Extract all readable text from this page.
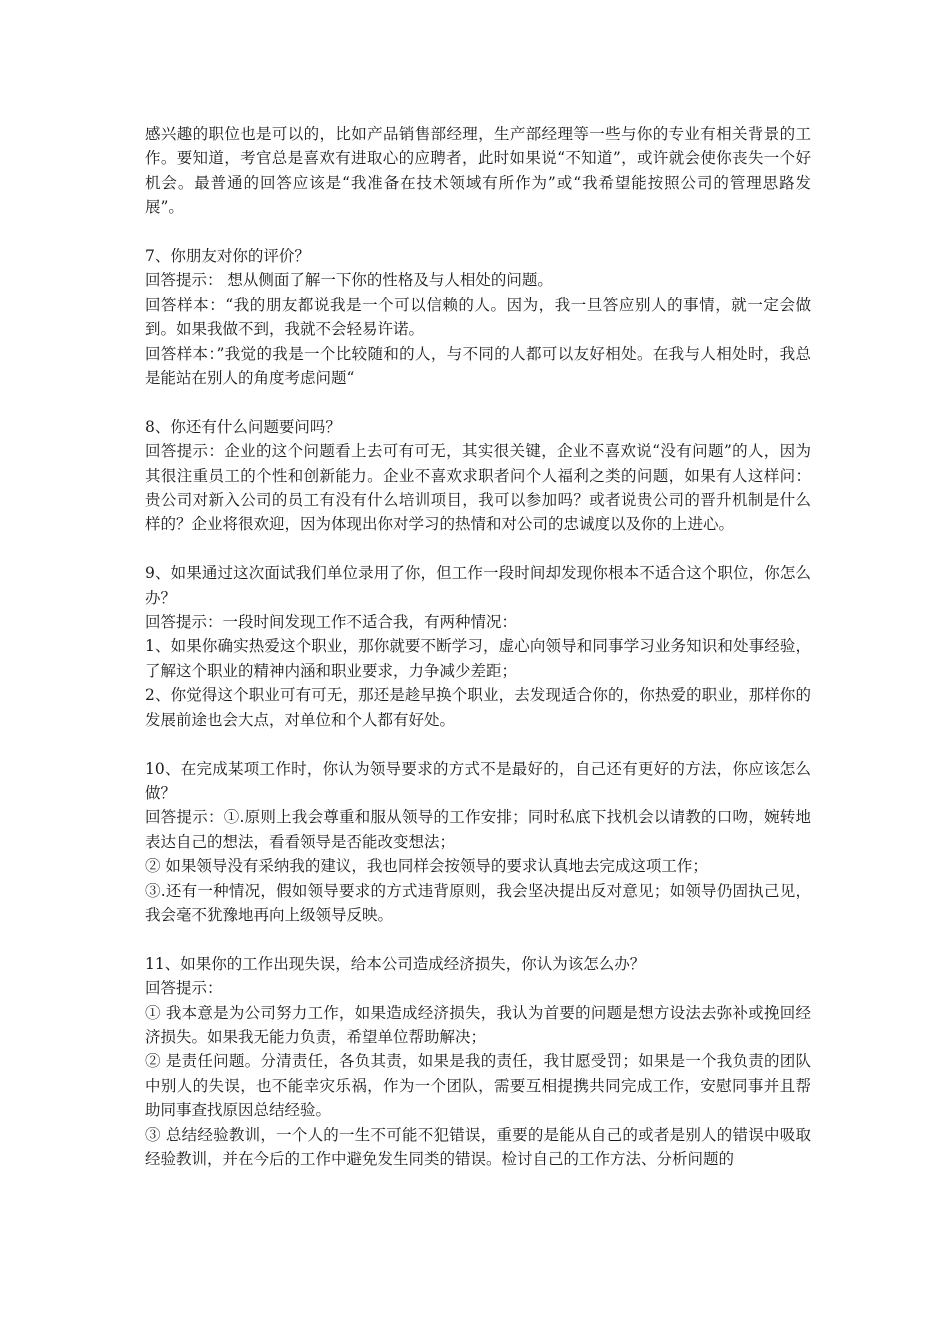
感兴趣的职位也是可以的，比如产品销售部经理，生产部经理等一些与你的专业有相关背景的工作。要知道，考官总是喜欢有进取心的应聘者，此时如果说“不知道”，或许就会使你丧失一个好机会。最普通的回答应该是“我准备在技术领域有所作为”或“我希望能按照公司的管理思路发展”。

7、你朋友对你的评价？

回答提示： 想从侧面了解一下你的性格及与人相处的问题。

回答样本：“我的朋友都说我是一个可以信赖的人。因为，我一旦答应别人的事情，就一定会做到。如果我做不到，我就不会轻易许诺。

回答样本：”我觉的我是一个比较随和的人，与不同的人都可以友好相处。在我与人相处时，我总是能站在别人的角度考虑问题“

8、你还有什么问题要问吗？

回答提示：企业的这个问题看上去可有可无，其实很关键，企业不喜欢说“没有问题”的人，因为其很注重员工的个性和创新能力。企业不喜欢求职者问个人福利之类的问题，如果有人这样问：贵公司对新入公司的员工有没有什么培训项目，我可以参加吗？或者说贵公司的晋升机制是什么样的？企业将很欢迎，因为体现出你对学习的热情和对公司的忠诚度以及你的上进心。

9、如果通过这次面试我们单位录用了你，但工作一段时间却发现你根本不适合这个职位，你怎么办？

回答提示：一段时间发现工作不适合我，有两种情况：

1、如果你确实热爱这个职业，那你就要不断学习，虚心向领导和同事学习业务知识和处事经验，了解这个职业的精神内涵和职业要求，力争减少差距；

2、你觉得这个职业可有可无，那还是趁早换个职业，去发现适合你的，你热爱的职业，那样你的发展前途也会大点，对单位和个人都有好处。

10、在完成某项工作时，你认为领导要求的方式不是最好的，自己还有更好的方法，你应该怎么做？

回答提示：①.原则上我会尊重和服从领导的工作安排；同时私底下找机会以请教的口吻，婉转地表达自己的想法，看看领导是否能改变想法；

② 如果领导没有采纳我的建议，我也同样会按领导的要求认真地去完成这项工作；

③.还有一种情况，假如领导要求的方式违背原则，我会坚决提出反对意见；如领导仍固执己见，我会毫不犹豫地再向上级领导反映。

11、如果你的工作出现失误，给本公司造成经济损失，你认为该怎么办？

回答提示：

① 我本意是为公司努力工作，如果造成经济损失，我认为首要的问题是想方设法去弥补或挽回经济损失。如果我无能力负责，希望单位帮助解决；

② 是责任问题。分清责任，各负其责，如果是我的责任，我甘愿受罚；如果是一个我负责的团队中别人的失误，也不能幸灾乐祸，作为一个团队，需要互相提携共同完成工作，安慰同事并且帮助同事查找原因总结经验。

③ 总结经验教训，一个人的一生不可能不犯错误，重要的是能从自己的或者是别人的错误中吸取经验教训，并在今后的工作中避免发生同类的错误。检讨自己的工作方法、分析问题的
